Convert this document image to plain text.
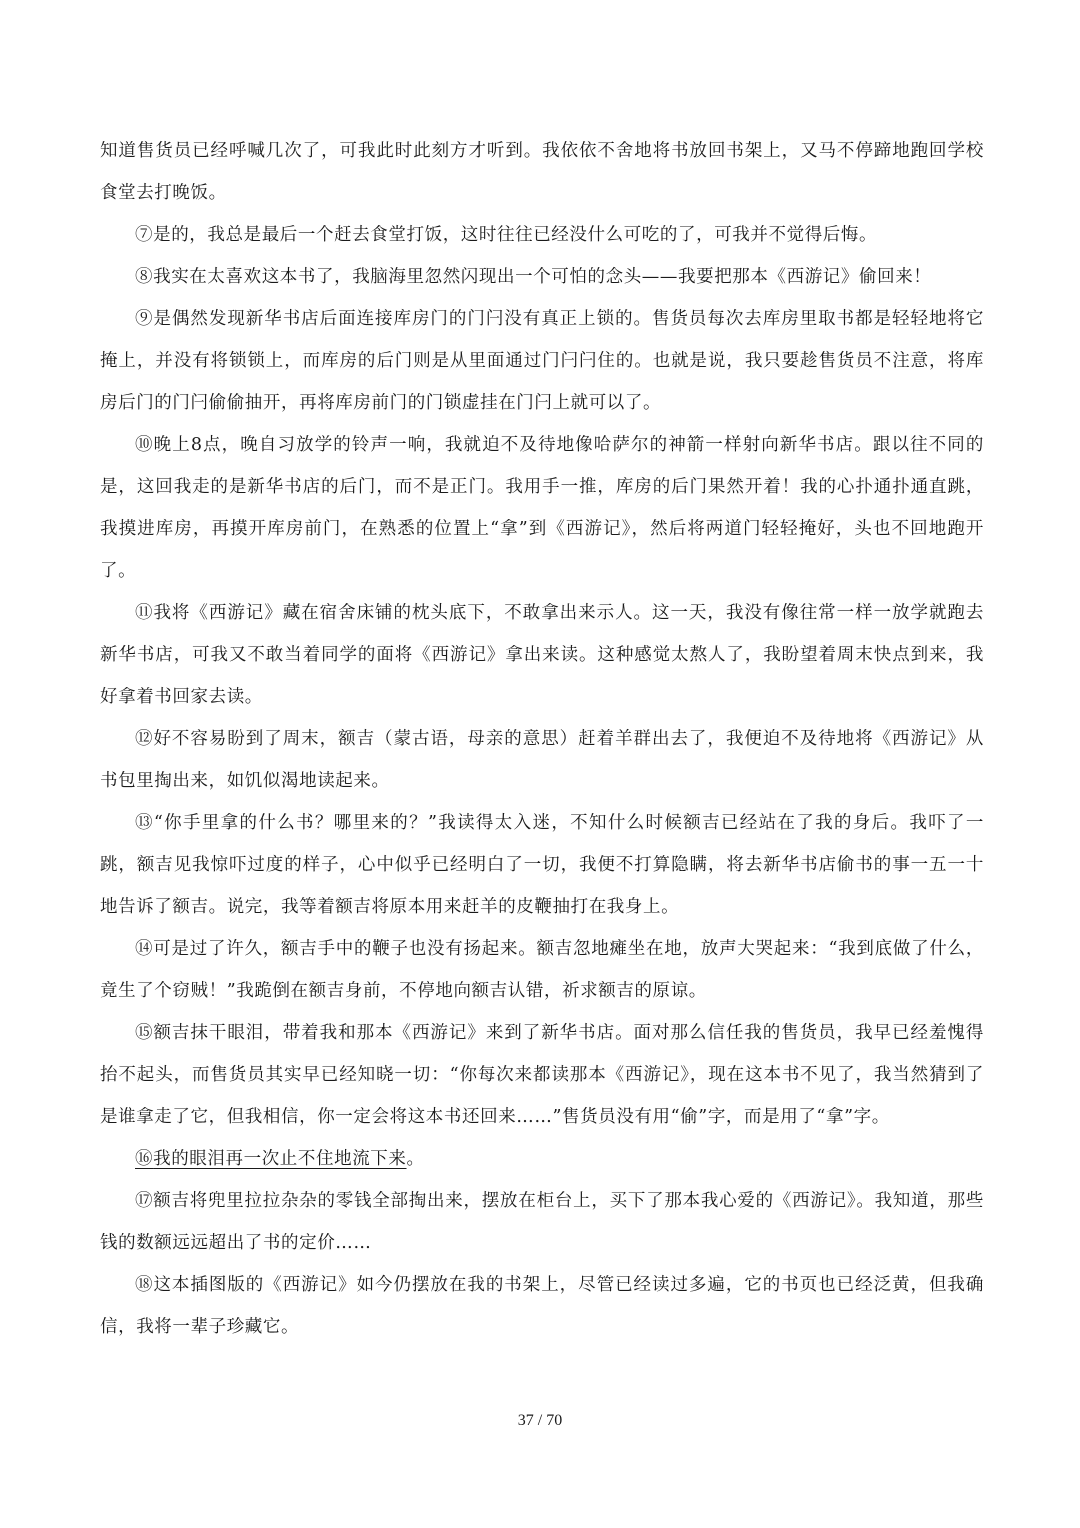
知道售货员已经呼喊几次了，可我此时此刻方才听到。我依依不舍地将书放回书架上，又马不停蹄地跑回学校食堂去打晚饭。

⑦是的，我总是最后一个赶去食堂打饭，这时往往已经没什么可吃的了，可我并不觉得后悔。

⑧我实在太喜欢这本书了，我脑海里忽然闪现出一个可怕的念头——我要把那本《西游记》偷回来！

⑨是偶然发现新华书店后面连接库房门的门闩没有真正上锁的。售货员每次去库房里取书都是轻轻地将它掩上，并没有将锁锁上，而库房的后门则是从里面通过门闩闩住的。也就是说，我只要趁售货员不注意，将库房后门的门闩偷偷抽开，再将库房前门的门锁虚挂在门闩上就可以了。

⑩晚上8点，晚自习放学的铃声一响，我就迫不及待地像哈萨尔的神箭一样射向新华书店。跟以往不同的是，这回我走的是新华书店的后门，而不是正门。我用手一推，库房的后门果然开着！我的心扑通扑通直跳，我摸进库房，再摸开库房前门，在熟悉的位置上“拿”到《西游记》，然后将两道门轻轻掩好，头也不回地跑开了。

⑪我将《西游记》藏在宿舍床铺的枕头底下，不敢拿出来示人。这一天，我没有像往常一样一放学就跑去新华书店，可我又不敢当着同学的面将《西游记》拿出来读。这种感觉太熬人了，我盼望着周末快点到来，我好拿着书回家去读。

⑫好不容易盼到了周末，额吉（蒙古语，母亲的意思）赶着羊群出去了，我便迫不及待地将《西游记》从书包里掏出来，如饥似渴地读起来。

⑬“你手里拿的什么书？哪里来的？”我读得太入迷，不知什么时候额吉已经站在了我的身后。我吓了一跳，额吉见我惊吓过度的样子，心中似乎已经明白了一切，我便不打算隐瞒，将去新华书店偷书的事一五一十地告诉了额吉。说完，我等着额吉将原本用来赶羊的皮鞭抽打在我身上。

⑭可是过了许久，额吉手中的鞭子也没有扬起来。额吉忽地瘫坐在地，放声大哭起来：“我到底做了什么，竟生了个窃贼！”我跪倒在额吉身前，不停地向额吉认错，祈求额吉的原谅。

⑮额吉抹干眼泪，带着我和那本《西游记》来到了新华书店。面对那么信任我的售货员，我早已经羞愧得抬不起头，而售货员其实早已经知晓一切：“你每次来都读那本《西游记》，现在这本书不见了，我当然猜到了是谁拿走了它，但我相信，你一定会将这本书还回来……”售货员没有用“偷”字，而是用了“拿”字。

⑯我的眼泪再一次止不住地流下来。

⑰额吉将兜里拉拉杂杂的零钱全部掏出来，摆放在柜台上，买下了那本我心爱的《西游记》。我知道，那些钱的数额远远超出了书的定价……

⑱这本插图版的《西游记》如今仍摆放在我的书架上，尽管已经读过多遍，它的书页也已经泛黄，但我确信，我将一辈子珍藏它。

37 / 70
